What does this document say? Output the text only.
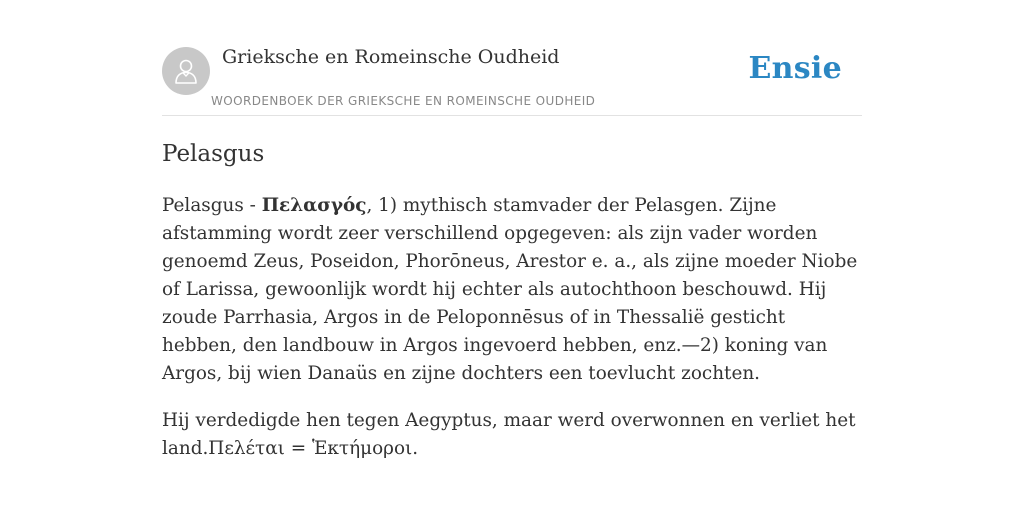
Grieksche en Romeinsche Oudheid
WOORDENBOEK DER GRIEKSCHE EN ROMEINSCHE OUDHEID
Ensie
Pelasgus

Pelasgus - Πελασγός, 1) mythisch stamvader der Pelasgen. Zijne afstamming wordt zeer verschillend opgegeven: als zijn vader worden genoemd Zeus, Poseidon, Phorōneus, Arestor e. a., als zijne moeder Niobe of Larissa, gewoonlijk wordt hij echter als autochthoon beschouwd. Hij zoude Parrhasia, Argos in de Peloponnēsus of in Thessalië gesticht hebben, den landbouw in Argos ingevoerd hebben, enz.—2) koning van Argos, bij wien Danaüs en zijne dochters een toevlucht zochten.

Hij verdedigde hen tegen Aegyptus, maar werd overwonnen en verliet het land.Πελέται = Ἑκτήμοροι.
